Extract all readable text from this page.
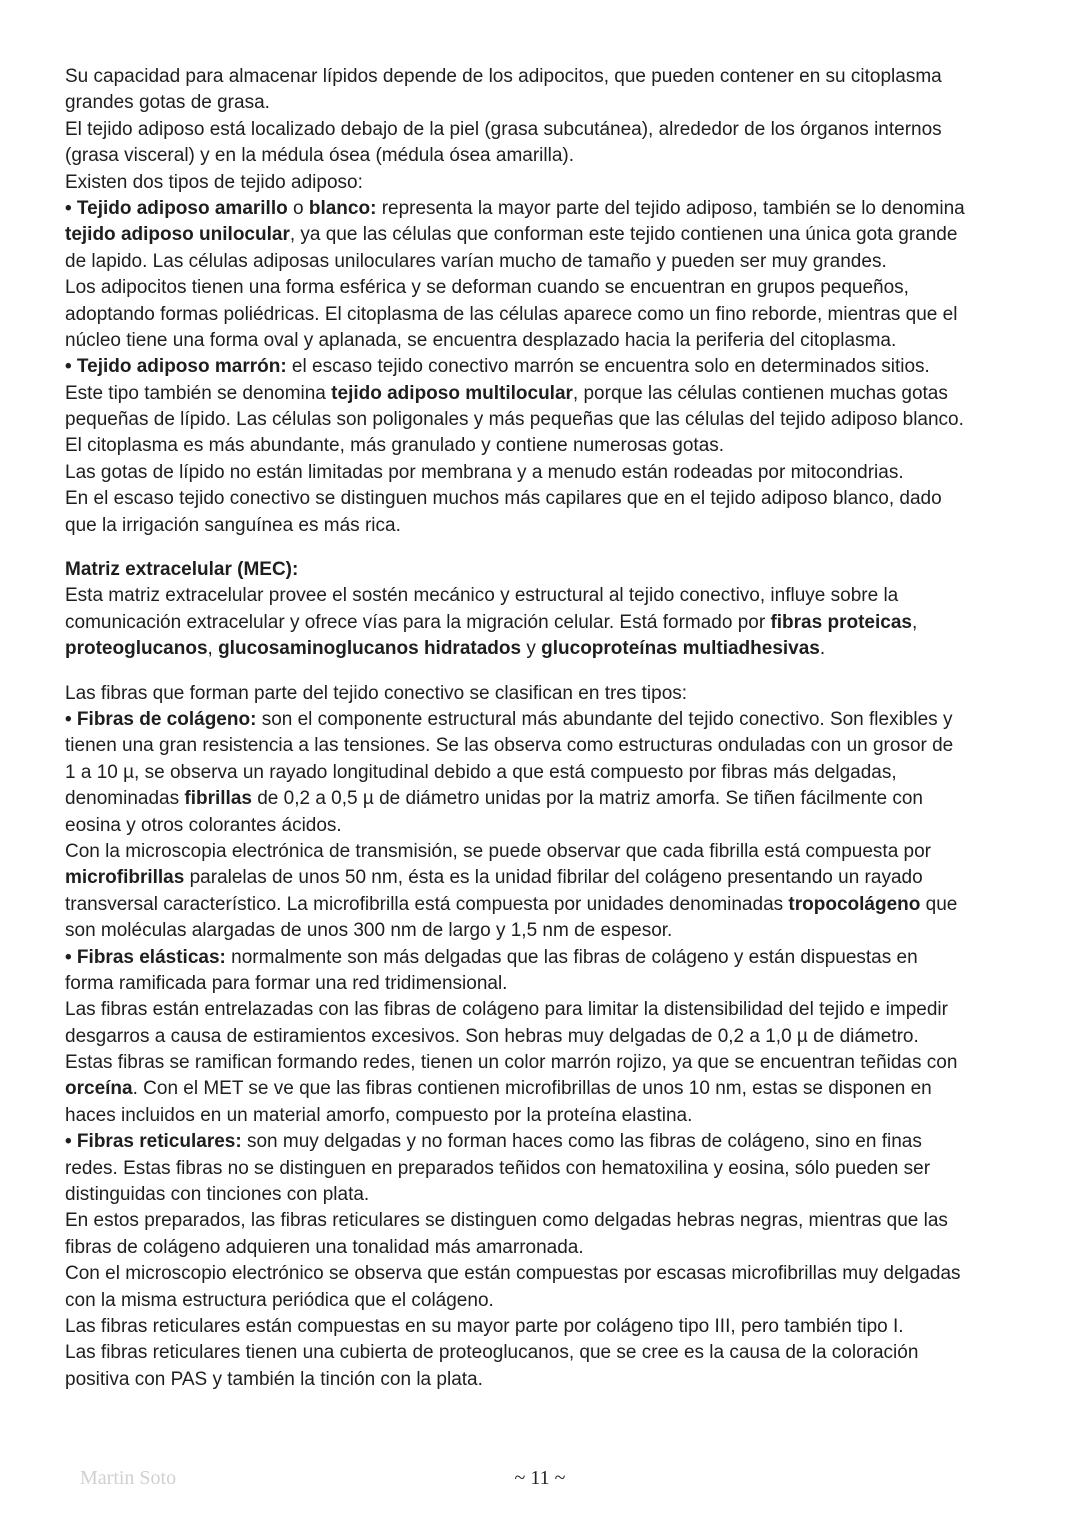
Su capacidad para almacenar lípidos depende de los adipocitos, que pueden contener en su citoplasma
grandes gotas de grasa.
El tejido adiposo está localizado debajo de la piel (grasa subcutánea), alrededor de los órganos internos
(grasa visceral) y en la médula ósea (médula ósea amarilla).
Existen dos tipos de tejido adiposo:
• Tejido adiposo amarillo o blanco: representa la mayor parte del tejido adiposo, también se lo denomina
tejido adiposo unilocular, ya que las células que conforman este tejido contienen una única gota grande
de lapido. Las células adiposas uniloculares varían mucho de tamaño y pueden ser muy grandes.
Los adipocitos tienen una forma esférica y se deforman cuando se encuentran en grupos pequeños,
adoptando formas poliédricas. El citoplasma de las células aparece como un fino reborde, mientras que el
núcleo tiene una forma oval y aplanada, se encuentra desplazado hacia la periferia del citoplasma.
• Tejido adiposo marrón: el escaso tejido conectivo marrón se encuentra solo en determinados sitios.
Este tipo también se denomina tejido adiposo multilocular, porque las células contienen muchas gotas
pequeñas de lípido. Las células son poligonales y más pequeñas que las células del tejido adiposo blanco.
El citoplasma es más abundante, más granulado y contiene numerosas gotas.
Las gotas de lípido no están limitadas por membrana y a menudo están rodeadas por mitocondrias.
En el escaso tejido conectivo se distinguen muchos más capilares que en el tejido adiposo blanco, dado
que la irrigación sanguínea es más rica.
Matriz extracelular (MEC):
Esta matriz extracelular provee el sostén mecánico y estructural al tejido conectivo, influye sobre la
comunicación extracelular y ofrece vías para la migración celular. Está formado por fibras proteicas,
proteoglucanos, glucosaminoglucanos hidratados y glucoproteínas multiadhesivas.
Las fibras que forman parte del tejido conectivo se clasifican en tres tipos:
• Fibras de colágeno: son el componente estructural más abundante del tejido conectivo. Son flexibles y
tienen una gran resistencia a las tensiones. Se las observa como estructuras onduladas con un grosor de
1 a 10 µ, se observa un rayado longitudinal debido a que está compuesto por fibras más delgadas,
denominadas fibrillas de 0,2 a 0,5 µ de diámetro unidas por la matriz amorfa. Se tiñen fácilmente con
eosina y otros colorantes ácidos.
Con la microscopia electrónica de transmisión, se puede observar que cada fibrilla está compuesta por
microfibrillas paralelas de unos 50 nm, ésta es la unidad fibrilar del colágeno presentando un rayado
transversal característico. La microfibrilla está compuesta por unidades denominadas tropocolágeno que
son moléculas alargadas de unos 300 nm de largo y 1,5 nm de espesor.
• Fibras elásticas: normalmente son más delgadas que las fibras de colágeno y están dispuestas en
forma ramificada para formar una red tridimensional.
Las fibras están entrelazadas con las fibras de colágeno para limitar la distensibilidad del tejido e impedir
desgarros a causa de estiramientos excesivos. Son hebras muy delgadas de 0,2 a 1,0 µ de diámetro.
Estas fibras se ramifican formando redes, tienen un color marrón rojizo, ya que se encuentran teñidas con
orceína. Con el MET se ve que las fibras contienen microfibrillas de unos 10 nm, estas se disponen en
haces incluidos en un material amorfo, compuesto por la proteína elastina.
• Fibras reticulares: son muy delgadas y no forman haces como las fibras de colágeno, sino en finas
redes. Estas fibras no se distinguen en preparados teñidos con hematoxilina y eosina, sólo pueden ser
distinguidas con tinciones con plata.
En estos preparados, las fibras reticulares se distinguen como delgadas hebras negras, mientras que las
fibras de colágeno adquieren una tonalidad más amarronada.
Con el microscopio electrónico se observa que están compuestas por escasas microfibrillas muy delgadas
con la misma estructura periódica que el colágeno.
Las fibras reticulares están compuestas en su mayor parte por colágeno tipo III, pero también tipo I.
Las fibras reticulares tienen una cubierta de proteoglucanos, que se cree es la causa de la coloración
positiva con PAS y también la tinción con la plata.
Martin Soto	~ 11 ~
